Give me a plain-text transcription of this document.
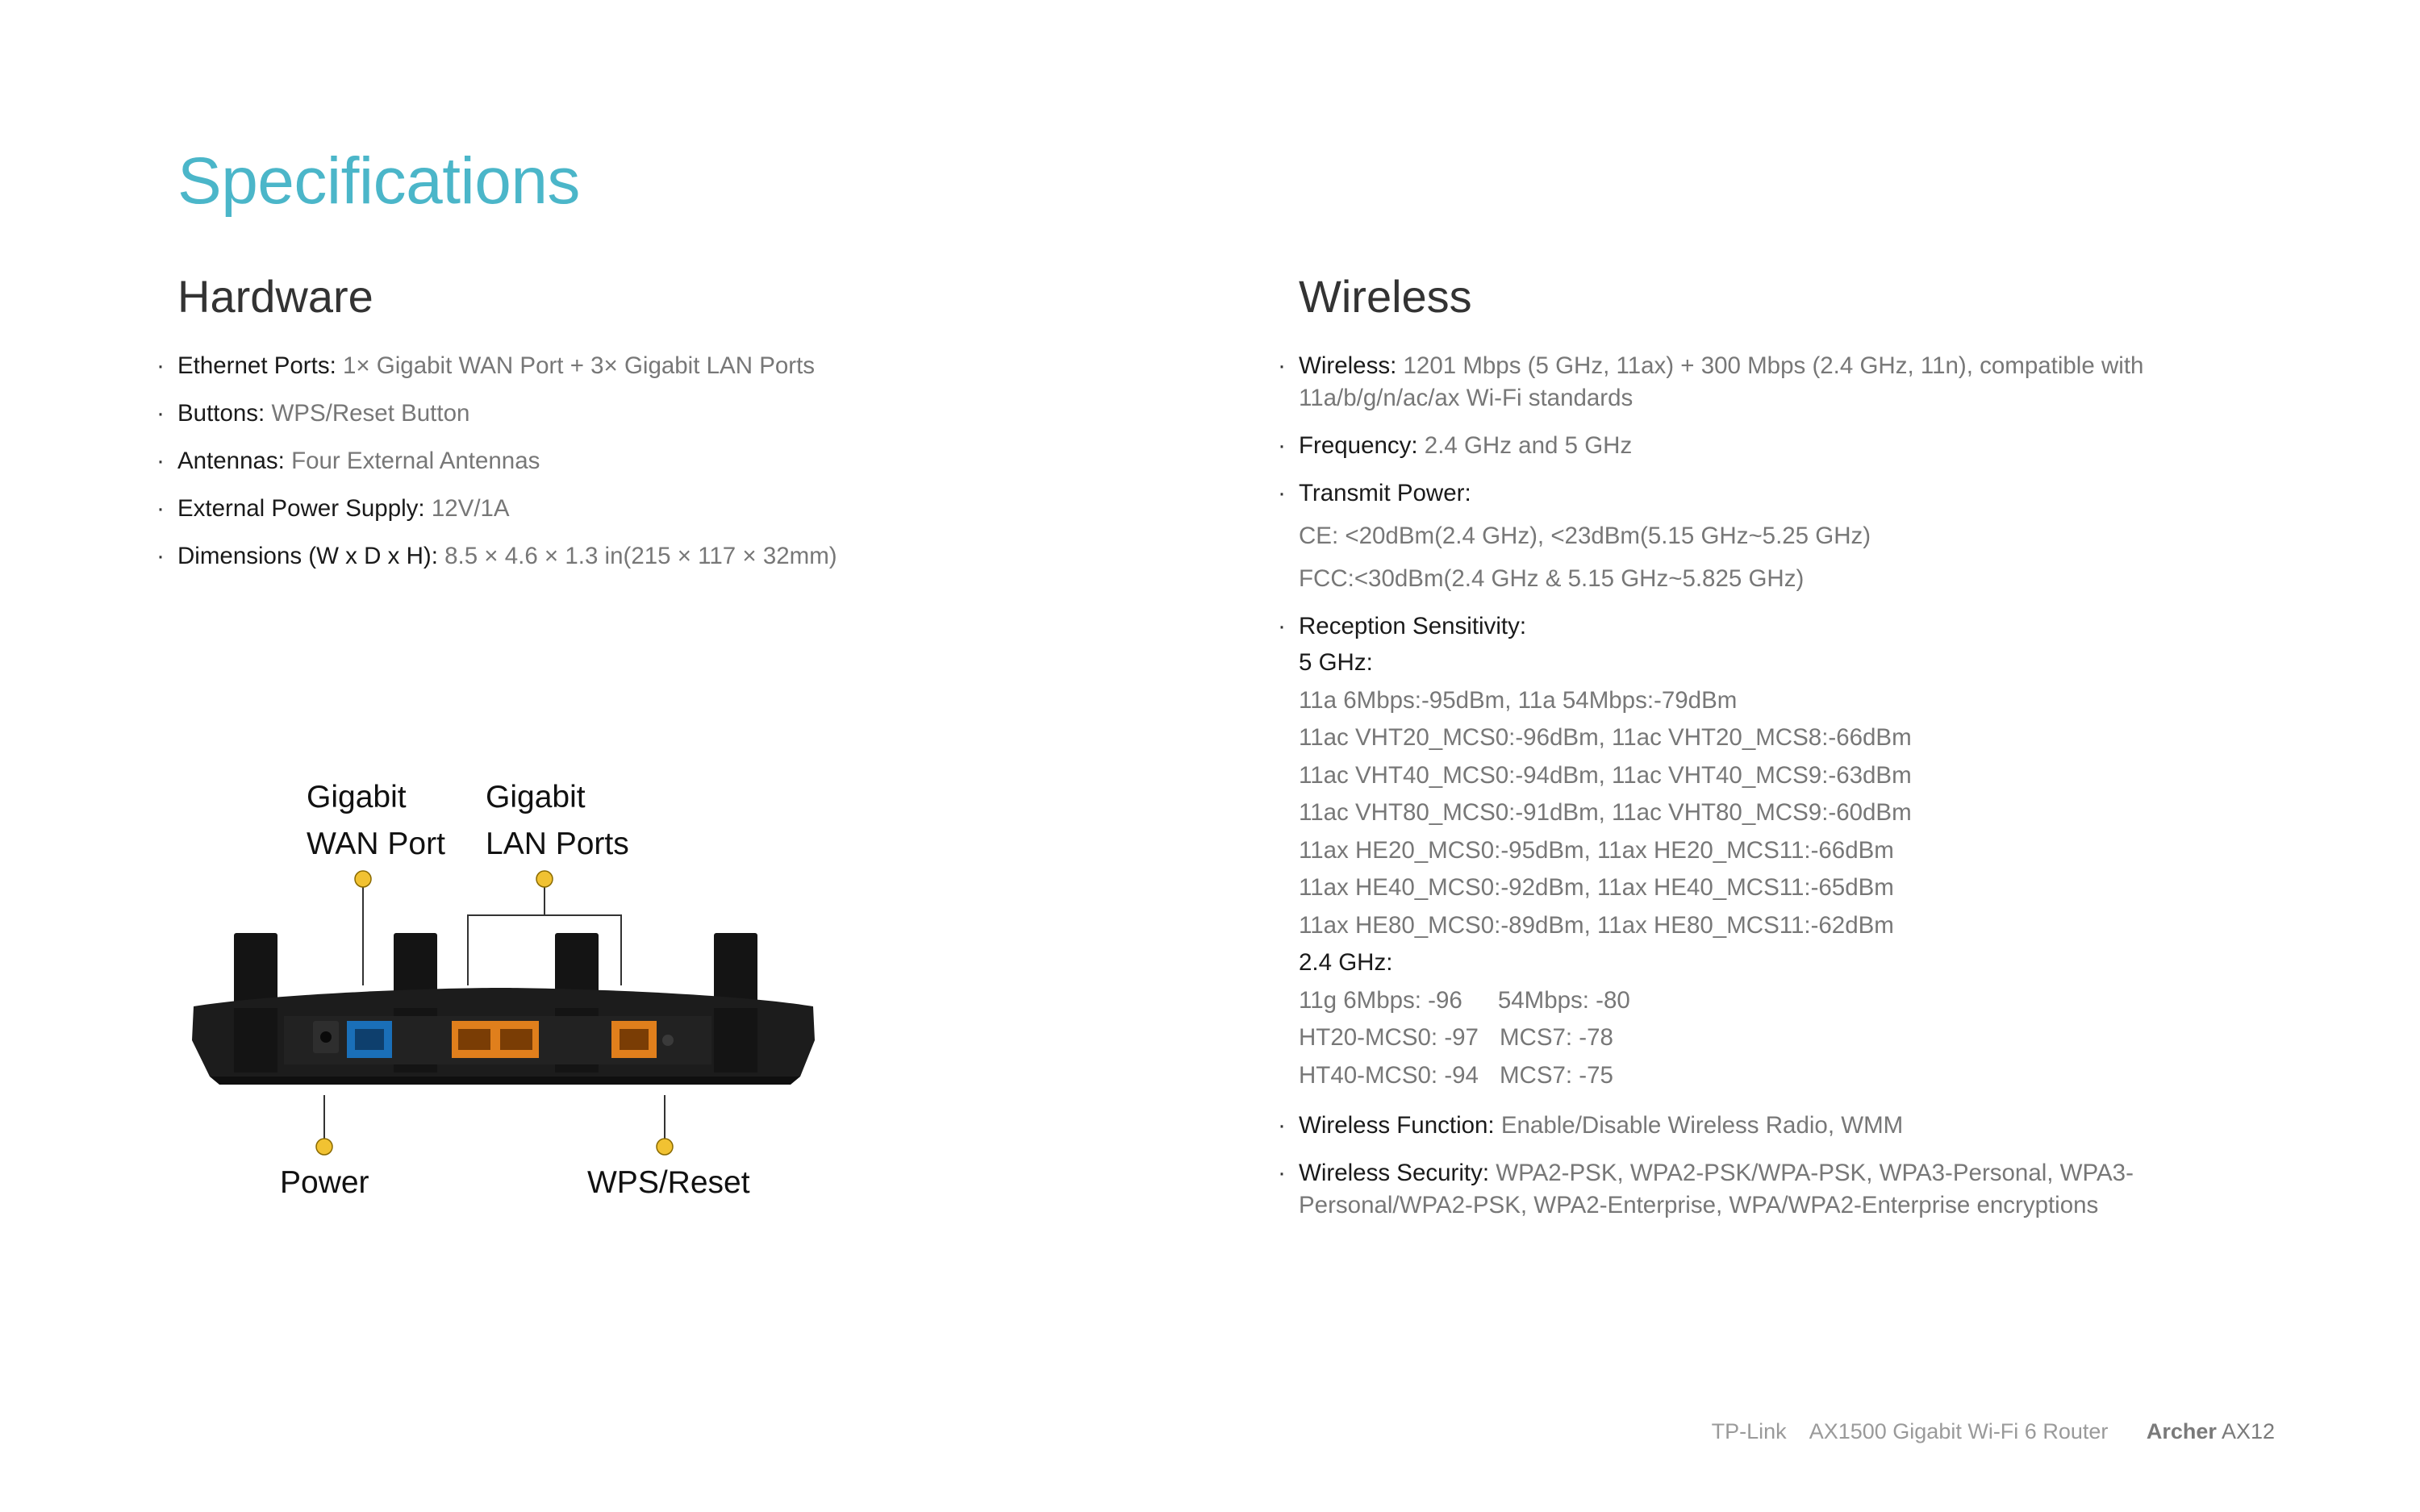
Specifications
Hardware
· Ethernet Ports: 1× Gigabit WAN Port + 3× Gigabit LAN Ports
· Buttons: WPS/Reset Button
· Antennas: Four External Antennas
· External Power Supply: 12V/1A
· Dimensions (W x D x H): 8.5 × 4.6 × 1.3 in(215 × 117 × 32mm)
Wireless
· Wireless: 1201 Mbps (5 GHz, 11ax) + 300 Mbps (2.4 GHz, 11n), compatible with 11a/b/g/n/ac/ax Wi-Fi standards
· Frequency: 2.4 GHz and 5 GHz
· Transmit Power:
CE: <20dBm(2.4 GHz), <23dBm(5.15 GHz~5.25 GHz)
FCC:<30dBm(2.4 GHz & 5.15 GHz~5.825 GHz)
· Reception Sensitivity:
5 GHz:
11a 6Mbps:-95dBm, 11a 54Mbps:-79dBm
11ac VHT20_MCS0:-96dBm, 11ac VHT20_MCS8:-66dBm
11ac VHT40_MCS0:-94dBm, 11ac VHT40_MCS9:-63dBm
11ac VHT80_MCS0:-91dBm, 11ac VHT80_MCS9:-60dBm
11ax HE20_MCS0:-95dBm, 11ax HE20_MCS11:-66dBm
11ax HE40_MCS0:-92dBm, 11ax HE40_MCS11:-65dBm
11ax HE80_MCS0:-89dBm, 11ax HE80_MCS11:-62dBm
2.4 GHz:
11g 6Mbps: -96 54Mbps: -80
HT20-MCS0: -97 MCS7: -78
HT40-MCS0: -94 MCS7: -75
· Wireless Function: Enable/Disable Wireless Radio, WMM
· Wireless Security: WPA2-PSK, WPA2-PSK/WPA-PSK, WPA3-Personal, WPA3-Personal/WPA2-PSK, WPA2-Enterprise, WPA/WPA2-Enterprise encryptions
Gigabit
WAN Port
Gigabit
LAN Ports
Power	WPS/Reset
TP-Link AX1500 Gigabit Wi-Fi 6 Router Archer AX12
